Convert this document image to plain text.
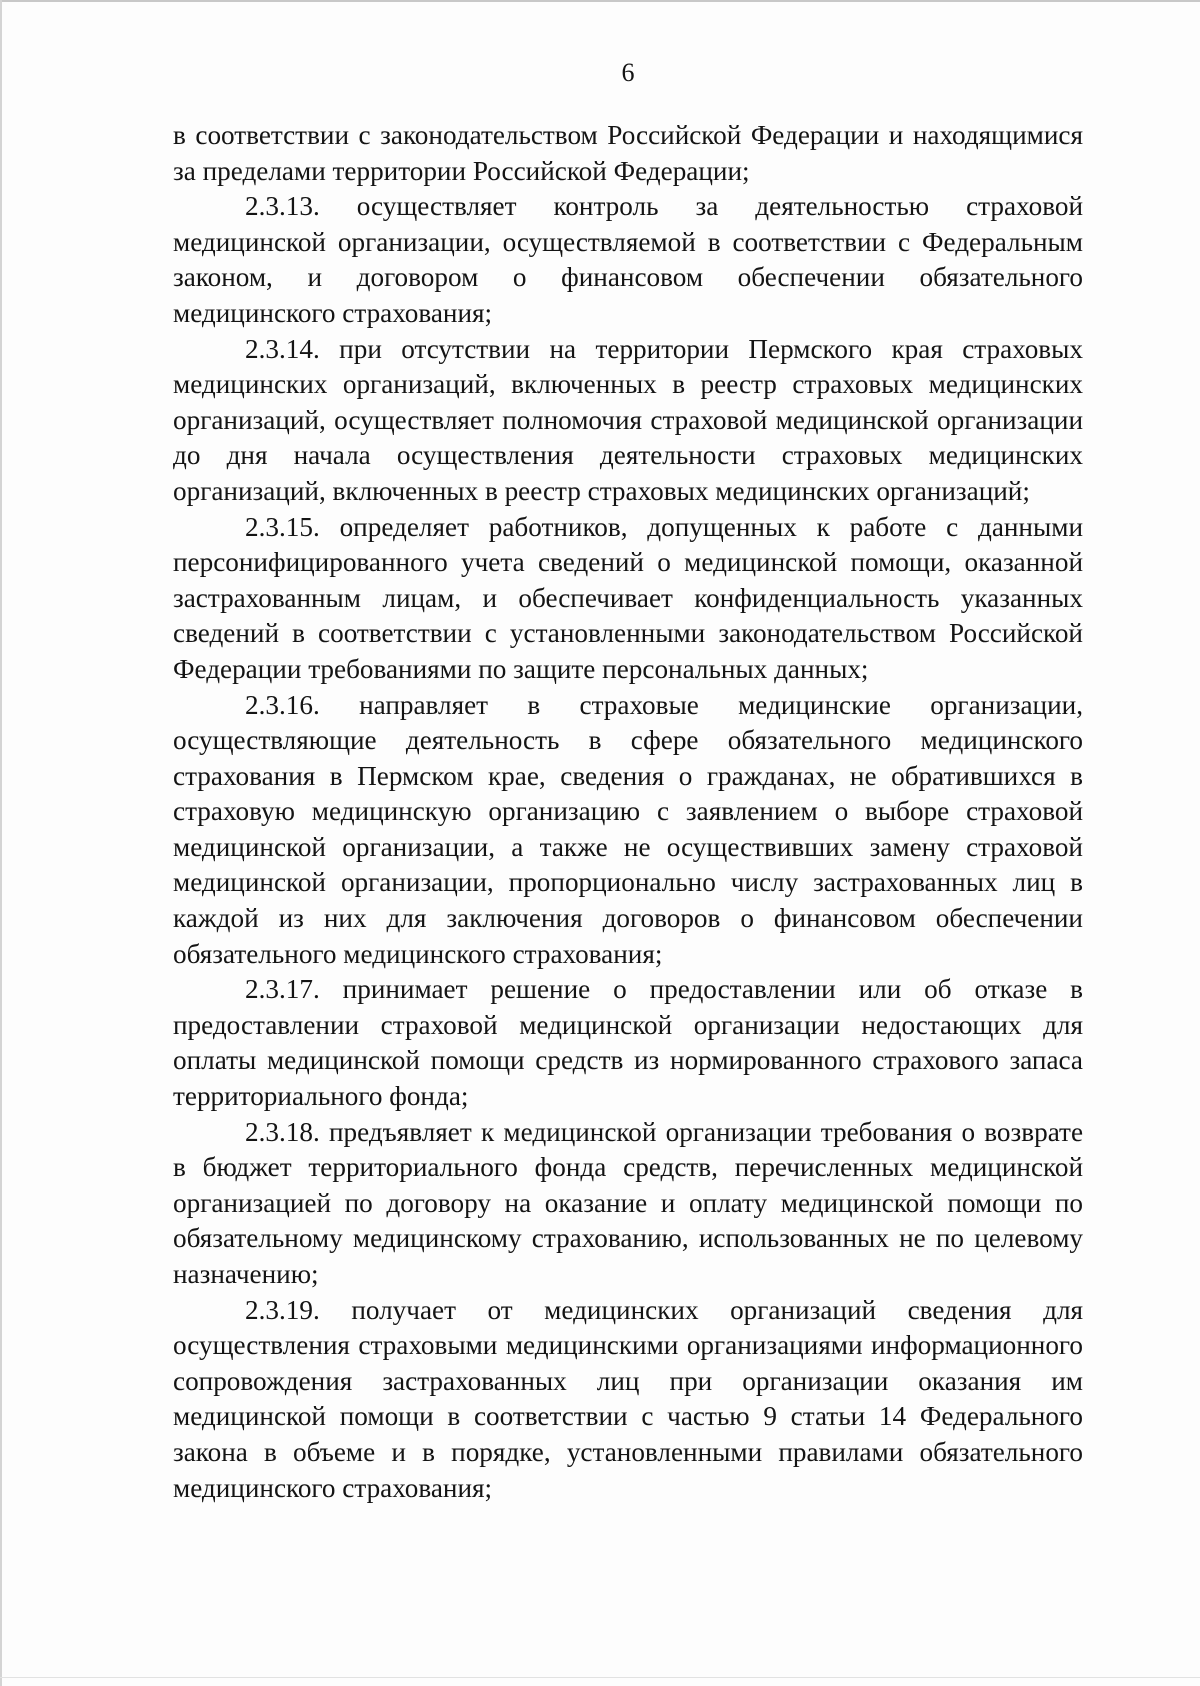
6

в соответствии с законодательством Российской Федерации и находящимися за пределами территории Российской Федерации;

2.3.13. осуществляет контроль за деятельностью страховой медицинской организации, осуществляемой в соответствии с Федеральным законом, и договором о финансовом обеспечении обязательного медицинского страхования;

2.3.14. при отсутствии на территории Пермского края страховых медицинских организаций, включенных в реестр страховых медицинских организаций, осуществляет полномочия страховой медицинской организации до дня начала осуществления деятельности страховых медицинских организаций, включенных в реестр страховых медицинских организаций;

2.3.15. определяет работников, допущенных к работе с данными персонифицированного учета сведений о медицинской помощи, оказанной застрахованным лицам, и обеспечивает конфиденциальность указанных сведений в соответствии с установленными законодательством Российской Федерации требованиями по защите персональных данных;

2.3.16. направляет в страховые медицинские организации, осуществляющие деятельность в сфере обязательного медицинского страхования в Пермском крае, сведения о гражданах, не обратившихся в страховую медицинскую организацию с заявлением о выборе страховой медицинской организации, а также не осуществивших замену страховой медицинской организации, пропорционально числу застрахованных лиц в каждой из них для заключения договоров о финансовом обеспечении обязательного медицинского страхования;

2.3.17. принимает решение о предоставлении или об отказе в предоставлении страховой медицинской организации недостающих для оплаты медицинской помощи средств из нормированного страхового запаса территориального фонда;

2.3.18. предъявляет к медицинской организации требования о возврате в бюджет территориального фонда средств, перечисленных медицинской организацией по договору на оказание и оплату медицинской помощи по обязательному медицинскому страхованию, использованных не по целевому назначению;

2.3.19. получает от медицинских организаций сведения для осуществления страховыми медицинскими организациями информационного сопровождения застрахованных лиц при организации оказания им медицинской помощи в соответствии с частью 9 статьи 14 Федерального закона в объеме и в порядке, установленными правилами обязательного медицинского страхования;
